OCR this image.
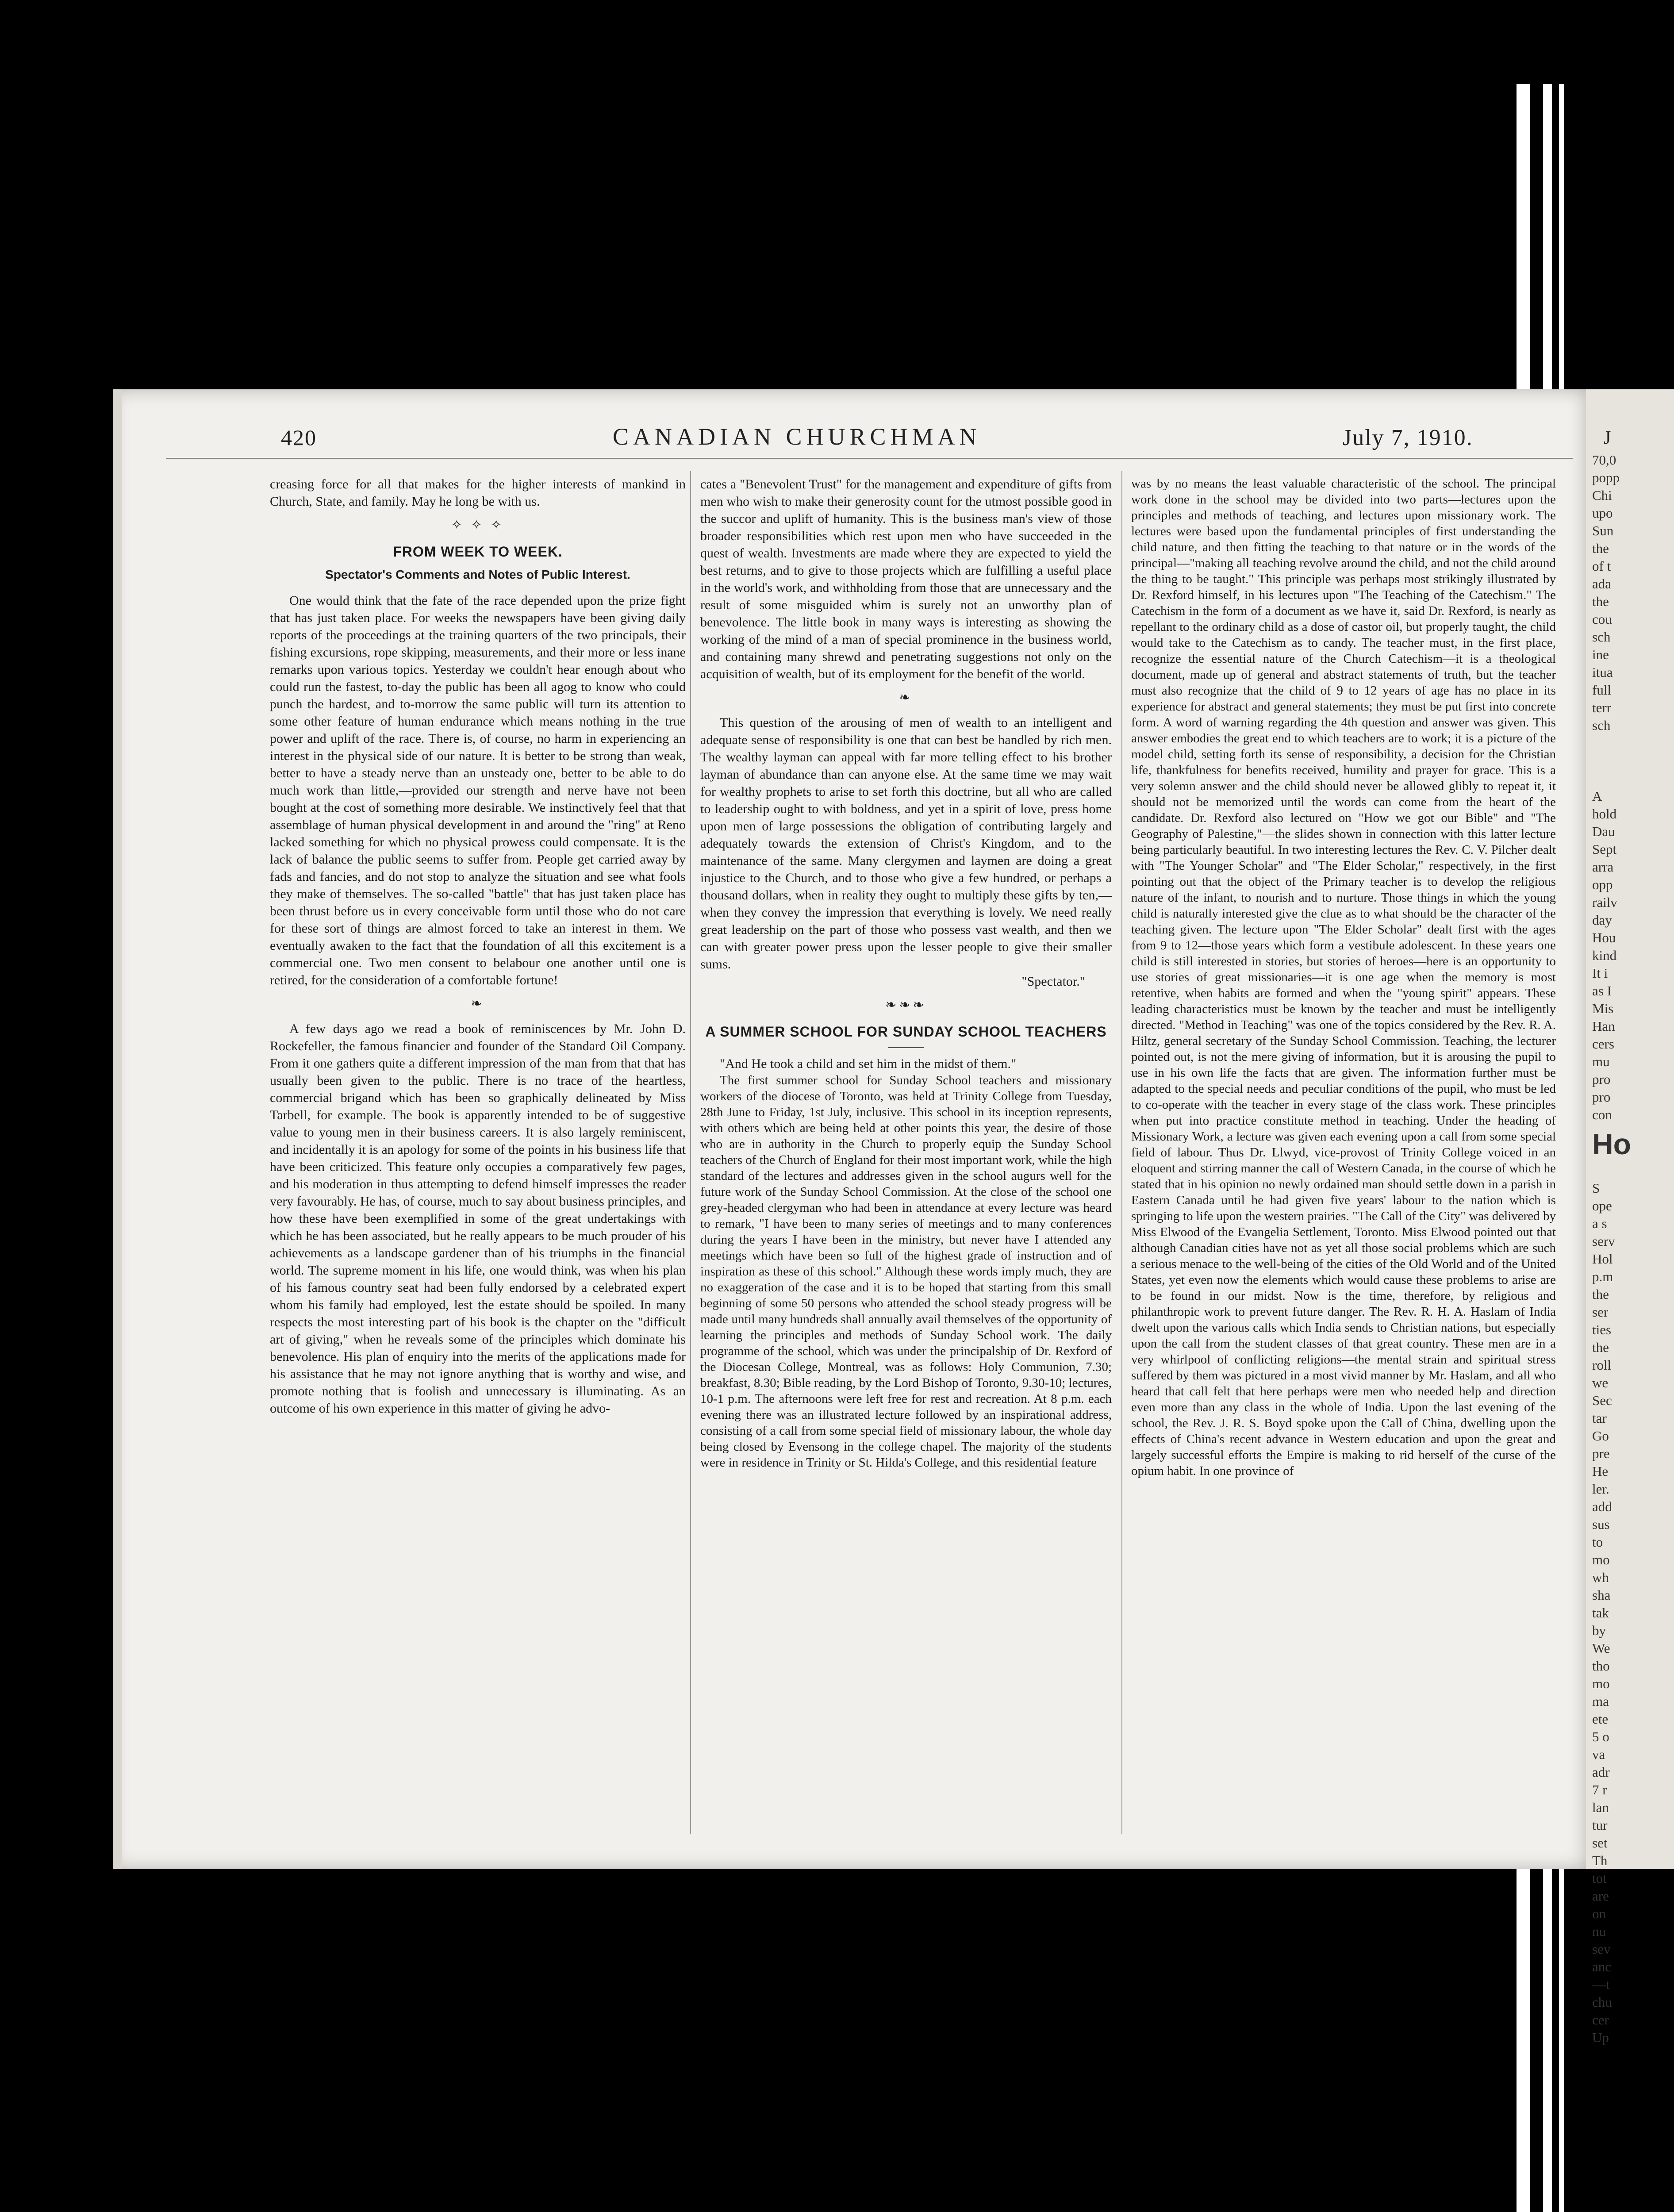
J

70,0

popp

Chi

upo

Sun

the

of t

ada

the

cou

sch

ine

itua

full

terr

sch

A

hold

Dau

Sept

arra

opp

railv

day

Hou

kind

It i

as I

Mis

Han

cers

mu

pro

pro

con

Ho

S

ope

a s

serv

Hol

p.m

the

ser

ties

the

roll

we

Sec

tar

Go

pre

He

ler.

add

sus

to

mo

wh

sha

tak

by

We

tho

mo

ma

ete

5 o

va

adr

7 r

lan

tur

set

Th

tot

are

on

nu

sev

anc

—t

chu

cer

Up

420	CANADIAN CHURCHMAN	July 7, 1910.

creasing force for all that makes for the higher interests of mankind in Church, State, and family. May he long be with us.

✧ ✧ ✧
FROM WEEK TO WEEK.
Spectator's Comments and Notes of Public Interest.

One would think that the fate of the race depended upon the prize fight that has just taken place. For weeks the newspapers have been giving daily reports of the proceedings at the training quarters of the two principals, their fishing excursions, rope skipping, measurements, and their more or less inane remarks upon various topics. Yesterday we couldn't hear enough about who could run the fastest, to-day the public has been all agog to know who could punch the hardest, and to-morrow the same public will turn its attention to some other feature of human endurance which means nothing in the true power and uplift of the race. There is, of course, no harm in experiencing an interest in the physical side of our nature. It is better to be strong than weak, better to have a steady nerve than an unsteady one, better to be able to do much work than little,—provided our strength and nerve have not been bought at the cost of something more desirable. We instinctively feel that that assemblage of human physical development in and around the "ring" at Reno lacked something for which no physical prowess could compensate. It is the lack of balance the public seems to suffer from. People get carried away by fads and fancies, and do not stop to analyze the situation and see what fools they make of themselves. The so-called "battle" that has just taken place has been thrust before us in every conceivable form until those who do not care for these sort of things are almost forced to take an interest in them. We eventually awaken to the fact that the foundation of all this excitement is a commercial one. Two men consent to belabour one another until one is retired, for the consideration of a comfortable fortune!

❧

A few days ago we read a book of reminiscences by Mr. John D. Rockefeller, the famous financier and founder of the Standard Oil Company. From it one gathers quite a different impression of the man from that that has usually been given to the public. There is no trace of the heartless, commercial brigand which has been so graphically delineated by Miss Tarbell, for example. The book is apparently intended to be of suggestive value to young men in their business careers. It is also largely reminiscent, and incidentally it is an apology for some of the points in his business life that have been criticized. This feature only occupies a comparatively few pages, and his moderation in thus attempting to defend himself impresses the reader very favourably. He has, of course, much to say about business principles, and how these have been exemplified in some of the great undertakings with which he has been associated, but he really appears to be much prouder of his achievements as a landscape gardener than of his triumphs in the financial world. The supreme moment in his life, one would think, was when his plan of his famous country seat had been fully endorsed by a celebrated expert whom his family had employed, lest the estate should be spoiled. In many respects the most interesting part of his book is the chapter on the "difficult art of giving," when he reveals some of the principles which dominate his benevolence. His plan of enquiry into the merits of the applications made for his assistance that he may not ignore anything that is worthy and wise, and promote nothing that is foolish and unnecessary is illuminating. As an outcome of his own experience in this matter of giving he advo-

cates a "Benevolent Trust" for the management and expenditure of gifts from men who wish to make their generosity count for the utmost possible good in the succor and uplift of humanity. This is the business man's view of those broader responsibilities which rest upon men who have succeeded in the quest of wealth. Investments are made where they are expected to yield the best returns, and to give to those projects which are fulfilling a useful place in the world's work, and withholding from those that are unnecessary and the result of some misguided whim is surely not an unworthy plan of benevolence. The little book in many ways is interesting as showing the working of the mind of a man of special prominence in the business world, and containing many shrewd and penetrating suggestions not only on the acquisition of wealth, but of its employment for the benefit of the world.

❧

This question of the arousing of men of wealth to an intelligent and adequate sense of responsibility is one that can best be handled by rich men. The wealthy layman can appeal with far more telling effect to his brother layman of abundance than can anyone else. At the same time we may wait for wealthy prophets to arise to set forth this doctrine, but all who are called to leadership ought to with boldness, and yet in a spirit of love, press home upon men of large possessions the obligation of contributing largely and adequately towards the extension of Christ's Kingdom, and to the maintenance of the same. Many clergymen and laymen are doing a great injustice to the Church, and to those who give a few hundred, or perhaps a thousand dollars, when in reality they ought to multiply these gifts by ten,—when they convey the impression that everything is lovely. We need really great leadership on the part of those who possess vast wealth, and then we can with greater power press upon the lesser people to give their smaller sums.

"Spectator."

❧❧❧
A SUMMER SCHOOL FOR SUNDAY SCHOOL TEACHERS

"And He took a child and set him in the midst of them."

The first summer school for Sunday School teachers and missionary workers of the diocese of Toronto, was held at Trinity College from Tuesday, 28th June to Friday, 1st July, inclusive. This school in its inception represents, with others which are being held at other points this year, the desire of those who are in authority in the Church to properly equip the Sunday School teachers of the Church of England for their most important work, while the high standard of the lectures and addresses given in the school augurs well for the future work of the Sunday School Commission. At the close of the school one grey-headed clergyman who had been in attendance at every lecture was heard to remark, "I have been to many series of meetings and to many conferences during the years I have been in the ministry, but never have I attended any meetings which have been so full of the highest grade of instruction and of inspiration as these of this school." Although these words imply much, they are no exaggeration of the case and it is to be hoped that starting from this small beginning of some 50 persons who attended the school steady progress will be made until many hundreds shall annually avail themselves of the opportunity of learning the principles and methods of Sunday School work. The daily programme of the school, which was under the principalship of Dr. Rexford of the Diocesan College, Montreal, was as follows: Holy Communion, 7.30; breakfast, 8.30; Bible reading, by the Lord Bishop of Toronto, 9.30-10; lectures, 10-1 p.m. The afternoons were left free for rest and recreation. At 8 p.m. each evening there was an illustrated lecture followed by an inspirational address, consisting of a call from some special field of missionary labour, the whole day being closed by Evensong in the college chapel. The majority of the students were in residence in Trinity or St. Hilda's College, and this residential feature

was by no means the least valuable characteristic of the school. The principal work done in the school may be divided into two parts—lectures upon the principles and methods of teaching, and lectures upon missionary work. The lectures were based upon the fundamental principles of first understanding the child nature, and then fitting the teaching to that nature or in the words of the principal—"making all teaching revolve around the child, and not the child around the thing to be taught." This principle was perhaps most strikingly illustrated by Dr. Rexford himself, in his lectures upon "The Teaching of the Catechism." The Catechism in the form of a document as we have it, said Dr. Rexford, is nearly as repellant to the ordinary child as a dose of castor oil, but properly taught, the child would take to the Catechism as to candy. The teacher must, in the first place, recognize the essential nature of the Church Catechism—it is a theological document, made up of general and abstract statements of truth, but the teacher must also recognize that the child of 9 to 12 years of age has no place in its experience for abstract and general statements; they must be put first into concrete form. A word of warning regarding the 4th question and answer was given. This answer embodies the great end to which teachers are to work; it is a picture of the model child, setting forth its sense of responsibility, a decision for the Christian life, thankfulness for benefits received, humility and prayer for grace. This is a very solemn answer and the child should never be allowed glibly to repeat it, it should not be memorized until the words can come from the heart of the candidate. Dr. Rexford also lectured on "How we got our Bible" and "The Geography of Palestine,"—the slides shown in connection with this latter lecture being particularly beautiful. In two interesting lectures the Rev. C. V. Pilcher dealt with "The Younger Scholar" and "The Elder Scholar," respectively, in the first pointing out that the object of the Primary teacher is to develop the religious nature of the infant, to nourish and to nurture. Those things in which the young child is naturally interested give the clue as to what should be the character of the teaching given. The lecture upon "The Elder Scholar" dealt first with the ages from 9 to 12—those years which form a vestibule adolescent. In these years one child is still interested in stories, but stories of heroes—here is an opportunity to use stories of great missionaries—it is one age when the memory is most retentive, when habits are formed and when the "young spirit" appears. These leading characteristics must be known by the teacher and must be intelligently directed. "Method in Teaching" was one of the topics considered by the Rev. R. A. Hiltz, general secretary of the Sunday School Commission. Teaching, the lecturer pointed out, is not the mere giving of information, but it is arousing the pupil to use in his own life the facts that are given. The information further must be adapted to the special needs and peculiar conditions of the pupil, who must be led to co-operate with the teacher in every stage of the class work. These principles when put into practice constitute method in teaching. Under the heading of Missionary Work, a lecture was given each evening upon a call from some special field of labour. Thus Dr. Llwyd, vice-provost of Trinity College voiced in an eloquent and stirring manner the call of Western Canada, in the course of which he stated that in his opinion no newly ordained man should settle down in a parish in Eastern Canada until he had given five years' labour to the nation which is springing to life upon the western prairies. "The Call of the City" was delivered by Miss Elwood of the Evangelia Settlement, Toronto. Miss Elwood pointed out that although Canadian cities have not as yet all those social problems which are such a serious menace to the well-being of the cities of the Old World and of the United States, yet even now the elements which would cause these problems to arise are to be found in our midst. Now is the time, therefore, by religious and philanthropic work to prevent future danger. The Rev. R. H. A. Haslam of India dwelt upon the various calls which India sends to Christian nations, but especially upon the call from the student classes of that great country. These men are in a very whirlpool of conflicting religions—the mental strain and spiritual stress suffered by them was pictured in a most vivid manner by Mr. Haslam, and all who heard that call felt that here perhaps were men who needed help and direction even more than any class in the whole of India. Upon the last evening of the school, the Rev. J. R. S. Boyd spoke upon the Call of China, dwelling upon the effects of China's recent advance in Western education and upon the great and largely successful efforts the Empire is making to rid herself of the curse of the opium habit. In one province of
